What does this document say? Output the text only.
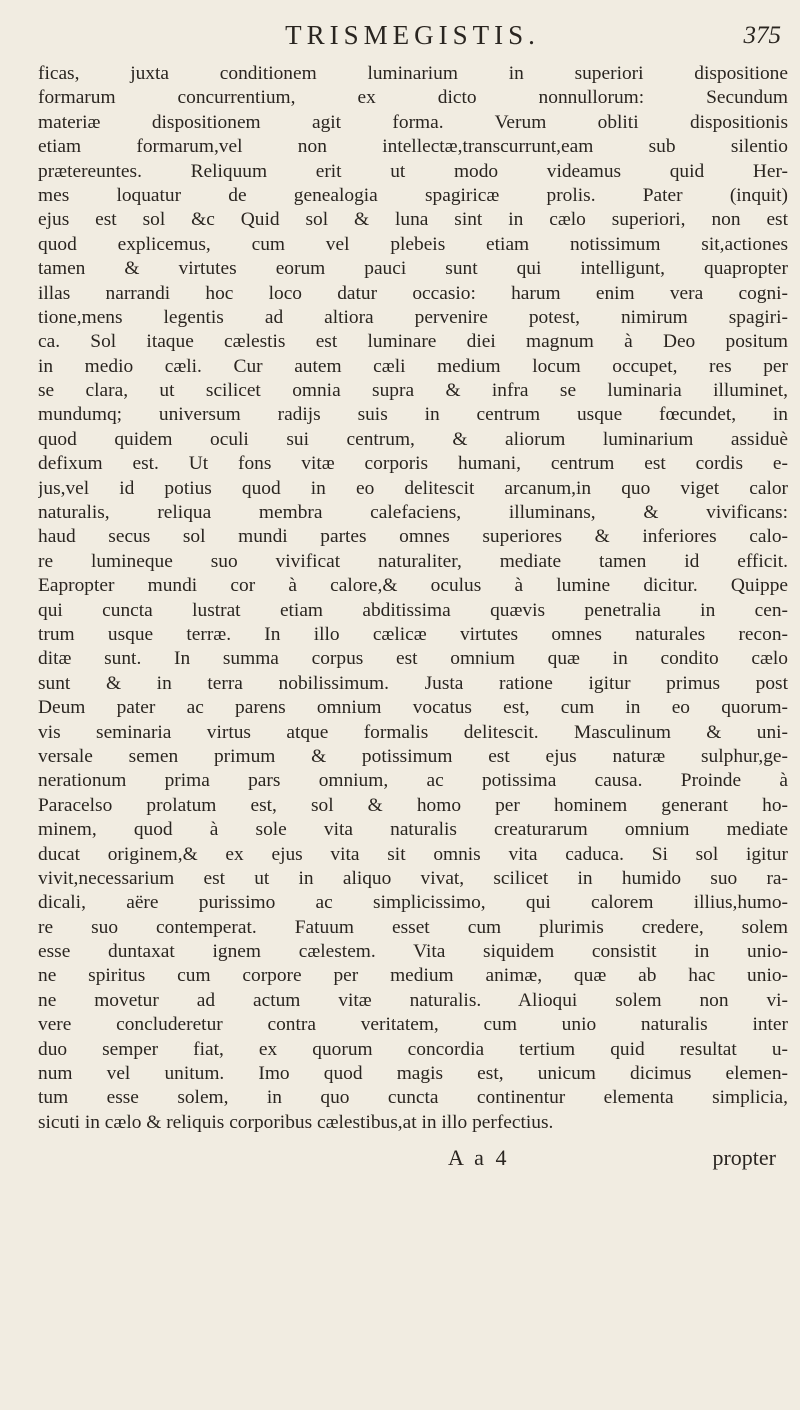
TRISMEGISTIS.	375
ficas, juxta conditionem luminarium in superiori dispositione
formarum concurrentium, ex dicto nonnullorum: Secundum
materiæ dispositionem agit forma. Verum obliti dispositionis
etiam formarum,vel non intellectæ,transcurrunt,eam sub silentio
prætereuntes. Reliquum erit ut modo videamus quid Her-
mes loquatur de genealogia spagiricæ prolis. Pater (inquit)
ejus est sol &c Quid sol & luna sint in cælo superiori, non est
quod explicemus, cum vel plebeis etiam notissimum sit,actiones
tamen & virtutes eorum pauci sunt qui intelligunt, quapropter
illas narrandi hoc loco datur occasio: harum enim vera cogni-
tione,mens legentis ad altiora pervenire potest, nimirum spagiri-
ca. Sol itaque cælestis est luminare diei magnum à Deo positum
in medio cæli. Cur autem cæli medium locum occupet, res per
se clara, ut scilicet omnia supra & infra se luminaria illuminet,
mundumq; universum radijs suis in centrum usque fœcundet, in
quod quidem oculi sui centrum, & aliorum luminarium assiduè
defixum est. Ut fons vitæ corporis humani, centrum est cordis e-
jus,vel id potius quod in eo delitescit arcanum,in quo viget calor
naturalis, reliqua membra calefaciens, illuminans, & vivificans:
haud secus sol mundi partes omnes superiores & inferiores calo-
re lumineque suo vivificat naturaliter, mediate tamen id efficit.
Eapropter mundi cor à calore,& oculus à lumine dicitur. Quippe
qui cuncta lustrat etiam abditissima quævis penetralia in cen-
trum usque terræ. In illo cælicæ virtutes omnes naturales recon-
ditæ sunt. In summa corpus est omnium quæ in condito cælo
sunt & in terra nobilissimum. Justa ratione igitur primus post
Deum pater ac parens omnium vocatus est, cum in eo quorum-
vis seminaria virtus atque formalis delitescit. Masculinum & uni-
versale semen primum & potissimum est ejus naturæ sulphur,ge-
nerationum prima pars omnium, ac potissima causa. Proinde à
Paracelso prolatum est, sol & homo per hominem generant ho-
minem, quod à sole vita naturalis creaturarum omnium mediate
ducat originem,& ex ejus vita sit omnis vita caduca. Si sol igitur
vivit,necessarium est ut in aliquo vivat, scilicet in humido suo ra-
dicali, aëre purissimo ac simplicissimo, qui calorem illius,humo-
re suo contemperat. Fatuum esset cum plurimis credere, solem
esse duntaxat ignem cælestem. Vita siquidem consistit in unio-
ne spiritus cum corpore per medium animæ, quæ ab hac unio-
ne movetur ad actum vitæ naturalis. Alioqui solem non vi-
vere concluderetur contra veritatem, cum unio naturalis inter
duo semper fiat, ex quorum concordia tertium quid resultat u-
num vel unitum. Imo quod magis est, unicum dicimus elemen-
tum esse solem, in quo cuncta continentur elementa simplicia,
sicuti in cælo & reliquis corporibus cælestibus,at in illo perfectius.
A a 4	propter
